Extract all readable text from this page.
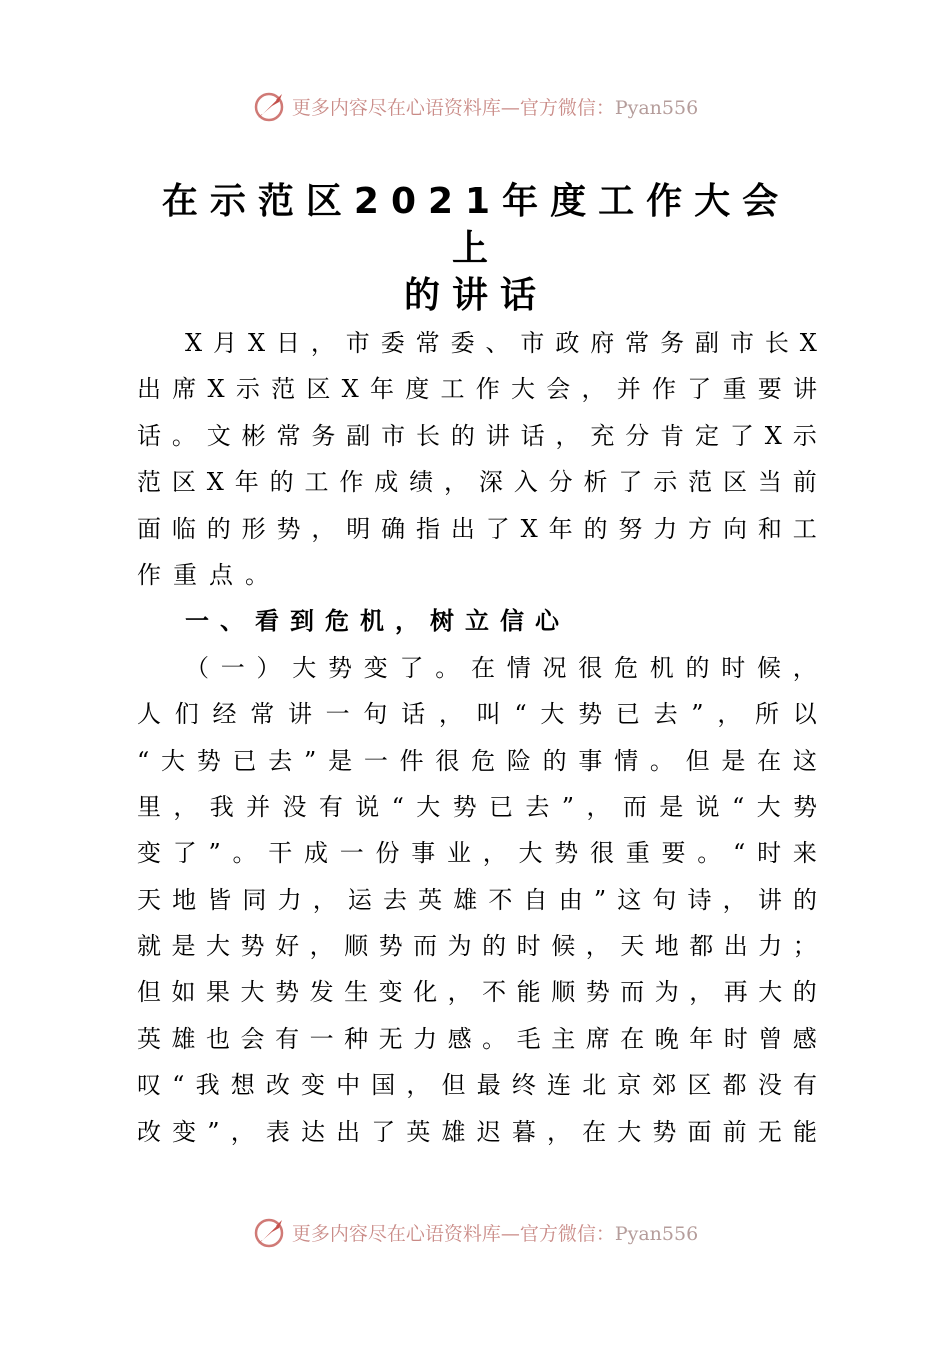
更多内容尽在心语资料库—官方微信：Pyan556
在示范区2021年度工作大会上
的讲话
X 月 X 日 ， 市 委 常 委 、 市 政 府 常 务 副 市 长 X
出 席 X 示 范 区 X 年 度 工 作 大 会 ， 并 作 了 重 要 讲
话 。 文 彬 常 务 副 市 长 的 讲 话 ， 充 分 肯 定 了 X 示
范 区 X 年 的 工 作 成 绩 ， 深 入 分 析 了 示 范 区 当 前
面 临 的 形 势 ， 明 确 指 出 了 X 年 的 努 力 方 向 和 工
作 重 点 。
一 、 看 到 危 机 ， 树 立 信 心
（ 一 ） 大 势 变 了 。 在 情 况 很 危 机 的 时 候 ，
人 们 经 常 讲 一 句 话 ， 叫 “ 大 势 已 去 ” ， 所 以
“ 大 势 已 去 ” 是 一 件 很 危 险 的 事 情 。 但 是 在 这
里 ， 我 并 没 有 说 “ 大 势 已 去 ” ， 而 是 说 “ 大 势
变 了 ” 。 干 成 一 份 事 业 ， 大 势 很 重 要 。 “ 时 来
天 地 皆 同 力 ， 运 去 英 雄 不 自 由 ” 这 句 诗 ， 讲 的
就 是 大 势 好 ， 顺 势 而 为 的 时 候 ， 天 地 都 出 力 ；
但 如 果 大 势 发 生 变 化 ， 不 能 顺 势 而 为 ， 再 大 的
英 雄 也 会 有 一 种 无 力 感 。 毛 主 席 在 晚 年 时 曾 感
叹 “ 我 想 改 变 中 国 ， 但 最 终 连 北 京 郊 区 都 没 有
改 变 ” ， 表 达 出 了 英 雄 迟 暮 ， 在 大 势 面 前 无 能
更多内容尽在心语资料库—官方微信：Pyan556
